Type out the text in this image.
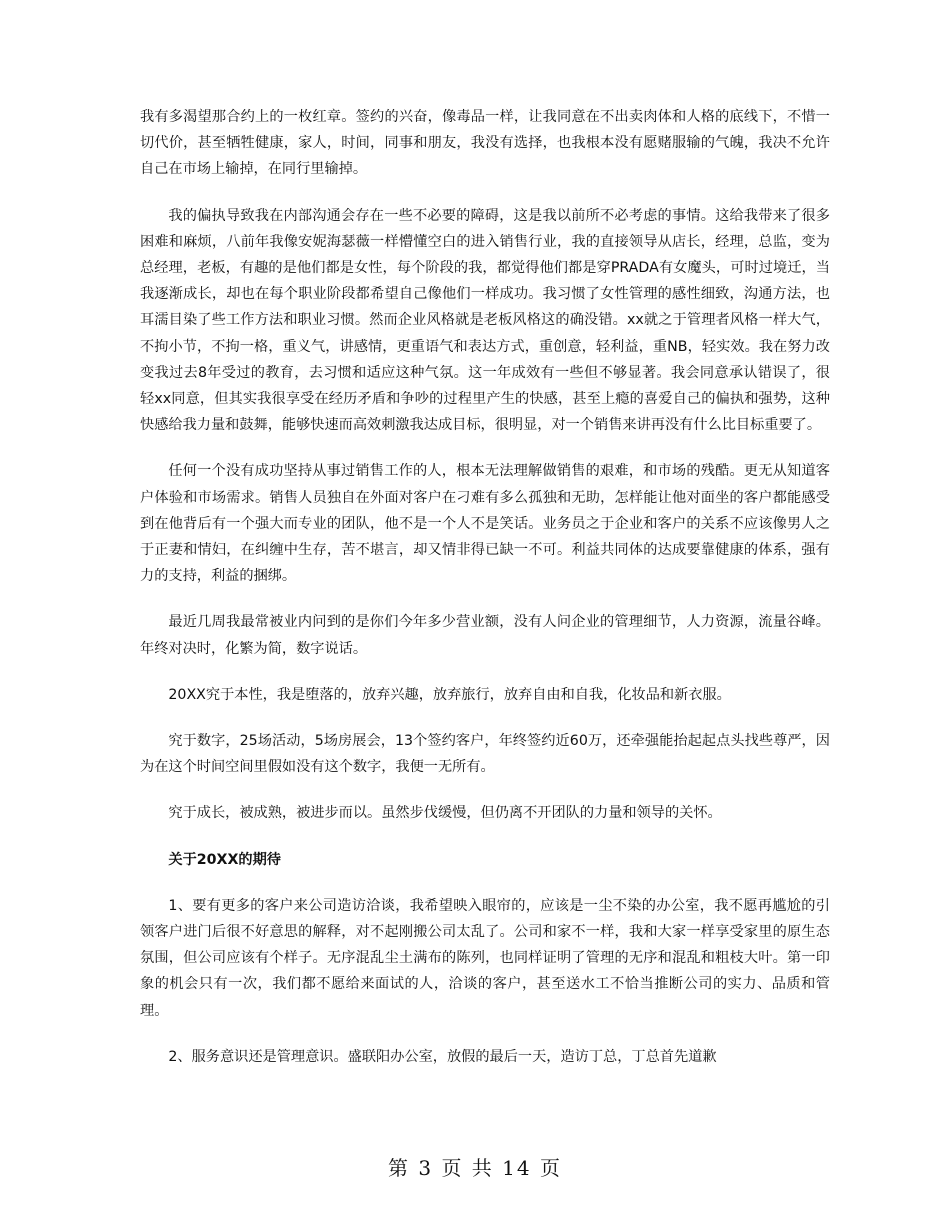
我有多渴望那合约上的一枚红章。签约的兴奋，像毒品一样，让我同意在不出卖肉体和人格的底线下，不惜一切代价，甚至牺牲健康，家人，时间，同事和朋友，我没有选择，也我根本没有愿赌服输的气魄，我决不允许自己在市场上输掉，在同行里输掉。

我的偏执导致我在内部沟通会存在一些不必要的障碍，这是我以前所不必考虑的事情。这给我带来了很多困难和麻烦，八前年我像安妮海瑟薇一样懵懂空白的进入销售行业，我的直接领导从店长，经理，总监，变为总经理，老板，有趣的是他们都是女性，每个阶段的我，都觉得他们都是穿PRADA有女魔头，可时过境迁，当我逐渐成长，却也在每个职业阶段都希望自己像他们一样成功。我习惯了女性管理的感性细致，沟通方法，也耳濡目染了些工作方法和职业习惯。然而企业风格就是老板风格这的确没错。xx就之于管理者风格一样大气，不拘小节，不拘一格，重义气，讲感情，更重语气和表达方式，重创意，轻利益，重NB，轻实效。我在努力改变我过去8年受过的教育，去习惯和适应这种气氛。这一年成效有一些但不够显著。我会同意承认错误了，很轻xx同意，但其实我很享受在经历矛盾和争吵的过程里产生的快感，甚至上瘾的喜爱自己的偏执和强势，这种快感给我力量和鼓舞，能够快速而高效刺激我达成目标，很明显，对一个销售来讲再没有什么比目标重要了。

任何一个没有成功坚持从事过销售工作的人，根本无法理解做销售的艰难，和市场的残酷。更无从知道客户体验和市场需求。销售人员独自在外面对客户在刁难有多么孤独和无助，怎样能让他对面坐的客户都能感受到在他背后有一个强大而专业的团队，他不是一个人不是笑话。业务员之于企业和客户的关系不应该像男人之于正妻和情妇，在纠缠中生存，苦不堪言，却又情非得已缺一不可。利益共同体的达成要靠健康的体系，强有力的支持，利益的捆绑。

最近几周我最常被业内问到的是你们今年多少营业额，没有人问企业的管理细节，人力资源，流量谷峰。年终对决时，化繁为简，数字说话。

20XX究于本性，我是堕落的，放弃兴趣，放弃旅行，放弃自由和自我，化妆品和新衣服。

究于数字，25场活动，5场房展会，13个签约客户，年终签约近60万，还牵强能抬起起点头找些尊严，因为在这个时间空间里假如没有这个数字，我便一无所有。

究于成长，被成熟，被进步而以。虽然步伐缓慢，但仍离不开团队的力量和领导的关怀。

关于20XX的期待

1、要有更多的客户来公司造访洽谈，我希望映入眼帘的，应该是一尘不染的办公室，我不愿再尴尬的引领客户进门后很不好意思的解释，对不起刚搬公司太乱了。公司和家不一样，我和大家一样享受家里的原生态氛围，但公司应该有个样子。无序混乱尘土满布的陈列，也同样证明了管理的无序和混乱和粗枝大叶。第一印象的机会只有一次，我们都不愿给来面试的人，洽谈的客户，甚至送水工不恰当推断公司的实力、品质和管理。

2、服务意识还是管理意识。盛联阳办公室，放假的最后一天，造访丁总，丁总首先道歉

第 3 页 共 14 页
